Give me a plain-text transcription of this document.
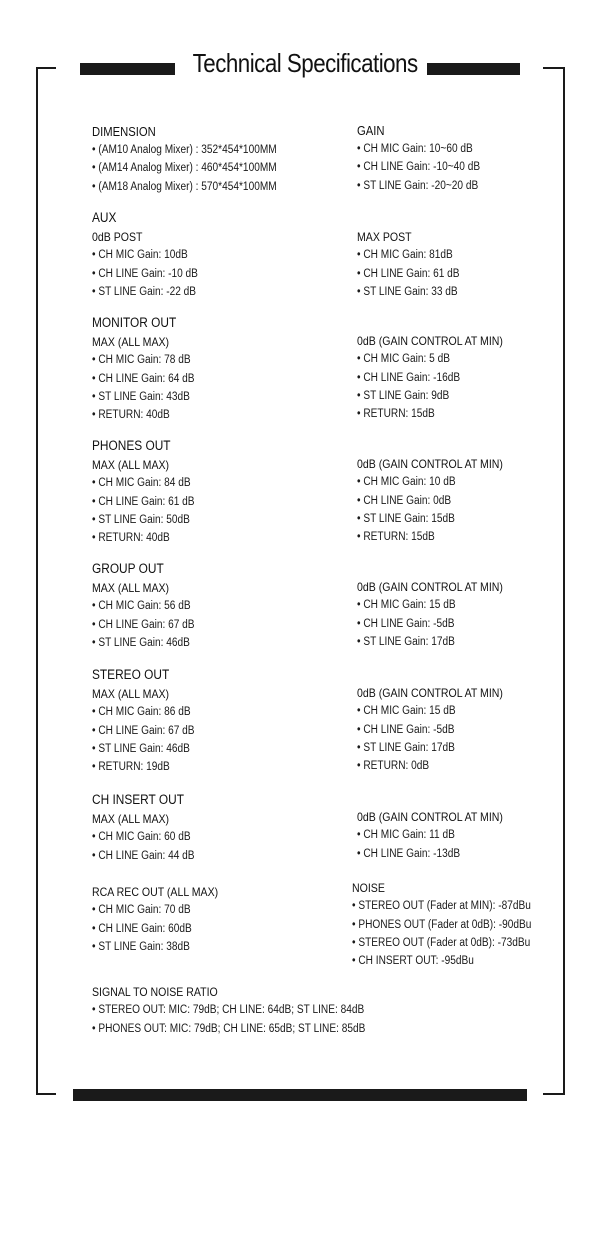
Technical Specifications
DIMENSION
• (AM10 Analog Mixer) : 352*454*100MM
• (AM14 Analog Mixer) : 460*454*100MM
• (AM18 Analog Mixer) : 570*454*100MM
AUX
0dB POST
• CH MIC Gain: 10dB
• CH LINE Gain: -10 dB
• ST LINE Gain: -22 dB
MONITOR OUT
MAX (ALL MAX)
• CH MIC Gain: 78 dB
• CH LINE Gain: 64 dB
• ST LINE Gain: 43dB
• RETURN: 40dB
PHONES OUT
MAX (ALL MAX)
• CH MIC Gain: 84 dB
• CH LINE Gain: 61 dB
• ST LINE Gain: 50dB
• RETURN: 40dB
GROUP OUT
MAX (ALL MAX)
• CH MIC Gain: 56 dB
• CH LINE Gain: 67 dB
• ST LINE Gain: 46dB
STEREO OUT
MAX (ALL MAX)
• CH MIC Gain: 86 dB
• CH LINE Gain: 67 dB
• ST LINE Gain: 46dB
• RETURN: 19dB
CH INSERT OUT
MAX (ALL MAX)
• CH MIC Gain: 60 dB
• CH LINE Gain: 44 dB
RCA REC OUT (ALL MAX)
• CH MIC Gain: 70 dB
• CH LINE Gain: 60dB
• ST LINE Gain: 38dB
SIGNAL TO NOISE RATIO
• STEREO OUT: MIC: 79dB; CH LINE: 64dB; ST LINE: 84dB
• PHONES OUT: MIC: 79dB; CH LINE: 65dB; ST LINE: 85dB
GAIN
• CH MIC Gain: 10~60 dB
• CH LINE Gain: -10~40 dB
• ST LINE Gain: -20~20 dB
MAX POST
• CH MIC Gain: 81dB
• CH LINE Gain: 61 dB
• ST LINE Gain: 33 dB
0dB (GAIN CONTROL AT MIN)
• CH MIC Gain: 5 dB
• CH LINE Gain: -16dB
• ST LINE Gain: 9dB
• RETURN: 15dB
0dB (GAIN CONTROL AT MIN)
• CH MIC Gain: 10 dB
• CH LINE Gain: 0dB
• ST LINE Gain: 15dB
• RETURN: 15dB
0dB (GAIN CONTROL AT MIN)
• CH MIC Gain: 15 dB
• CH LINE Gain: -5dB
• ST LINE Gain: 17dB
0dB (GAIN CONTROL AT MIN)
• CH MIC Gain: 15 dB
• CH LINE Gain: -5dB
• ST LINE Gain: 17dB
• RETURN: 0dB
0dB (GAIN CONTROL AT MIN)
• CH MIC Gain: 11 dB
• CH LINE Gain: -13dB
NOISE
• STEREO OUT (Fader at MIN): -87dBu
• PHONES OUT (Fader at 0dB): -90dBu
• STEREO OUT (Fader at 0dB): -73dBu
• CH INSERT OUT: -95dBu
